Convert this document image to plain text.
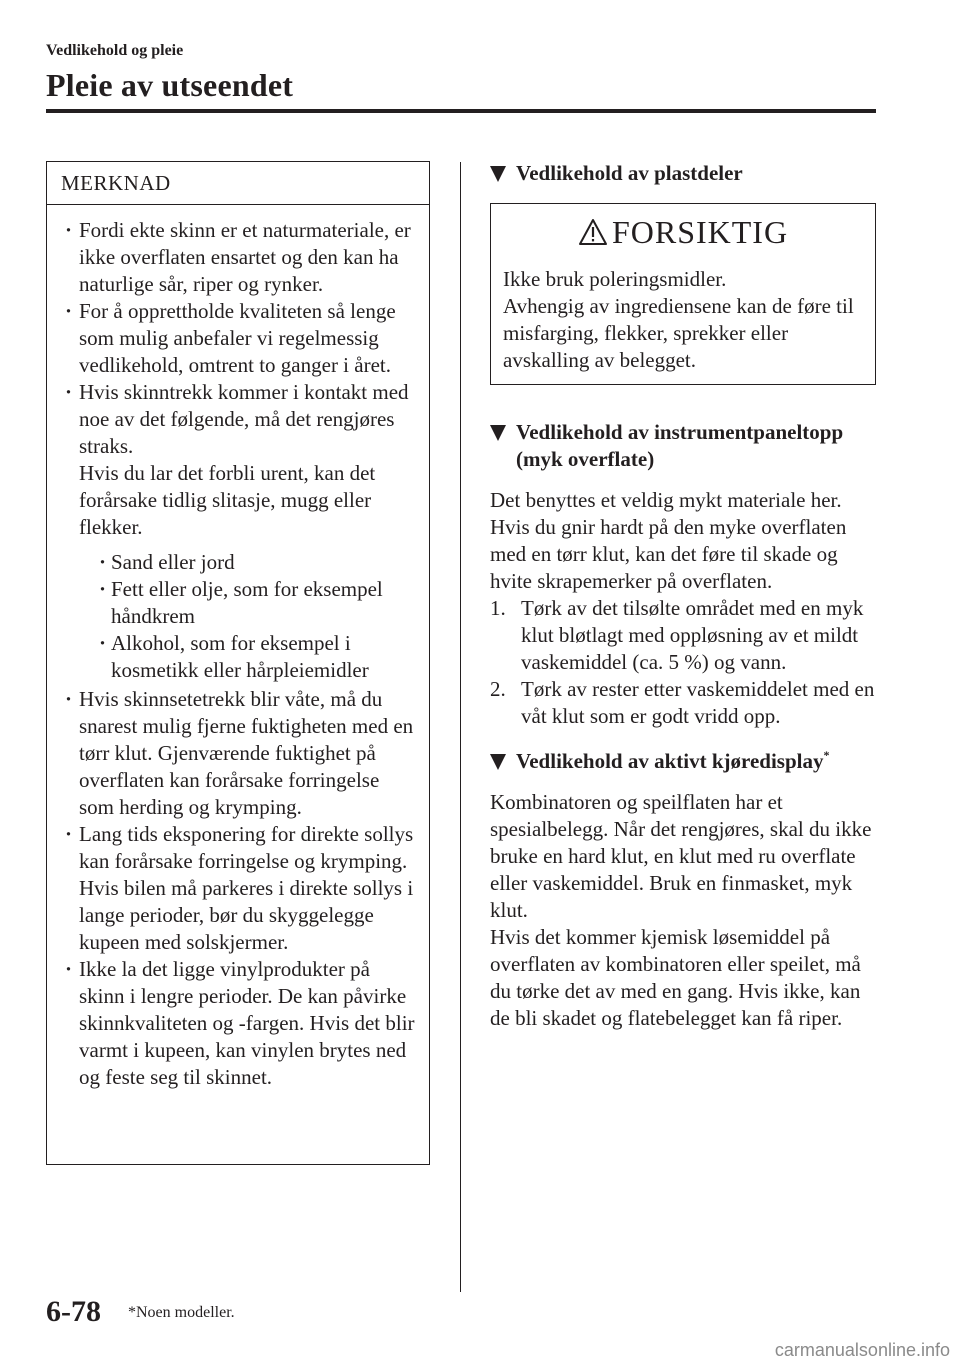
Vedlikehold og pleie
Pleie av utseendet
MERKNAD
· Fordi ekte skinn er et naturmateriale, er ikke overflaten ensartet og den kan ha naturlige sår, riper og rynker.
· For å opprettholde kvaliteten så lenge som mulig anbefaler vi regelmessig vedlikehold, omtrent to ganger i året.
· Hvis skinntrekk kommer i kontakt med noe av det følgende, må det rengjøres straks.
Hvis du lar det forbli urent, kan det forårsake tidlig slitasje, mugg eller flekker.
· Sand eller jord
· Fett eller olje, som for eksempel håndkrem
· Alkohol, som for eksempel i kosmetikk eller hårpleiemidler
· Hvis skinnsetetrekk blir våte, må du snarest mulig fjerne fuktigheten med en tørr klut. Gjenværende fuktighet på overflaten kan forårsake forringelse som herding og krymping.
· Lang tids eksponering for direkte sollys kan forårsake forringelse og krymping. Hvis bilen må parkeres i direkte sollys i lange perioder, bør du skyggelegge kupeen med solskjermer.
· Ikke la det ligge vinylprodukter på skinn i lengre perioder. De kan påvirke skinnkvaliteten og -fargen. Hvis det blir varmt i kupeen, kan vinylen brytes ned og feste seg til skinnet.
Vedlikehold av plastdeler
FORSIKTIG
Ikke bruk poleringsmidler.
Avhengig av ingrediensene kan de føre til misfarging, flekker, sprekker eller avskalling av belegget.
Vedlikehold av instrumentpaneltopp
(myk overflate)
Det benyttes et veldig mykt materiale her. Hvis du gnir hardt på den myke overflaten med en tørr klut, kan det føre til skade og hvite skrapemerker på overflaten.
1. Tørk av det tilsølte området med en myk klut bløtlagt med oppløsning av et mildt vaskemiddel (ca. 5 %) og vann.
2. Tørk av rester etter vaskemiddelet med en våt klut som er godt vridd opp.
Vedlikehold av aktivt kjøredisplay*
Kombinatoren og speilflaten har et spesialbelegg. Når det rengjøres, skal du ikke bruke en hard klut, en klut med ru overflate eller vaskemiddel. Bruk en finmasket, myk klut.
Hvis det kommer kjemisk løsemiddel på overflaten av kombinatoren eller speilet, må du tørke det av med en gang. Hvis ikke, kan de bli skadet og flatebelegget kan få riper.
6-78 *Noen modeller.
carmanualsonline.info
